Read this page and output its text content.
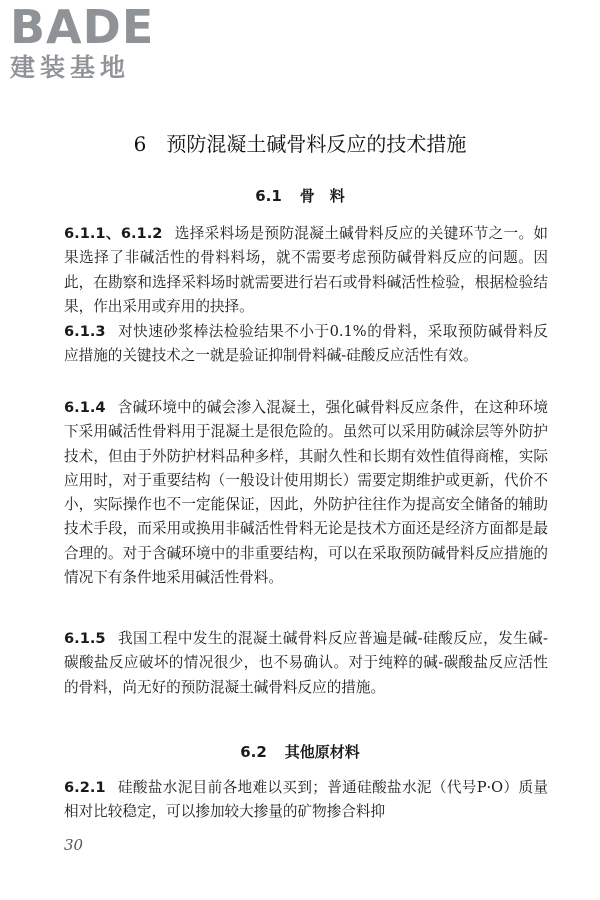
BADE
建装基地
6 预防混凝土碱骨料反应的技术措施
6.1 骨　料
6.1.1、6.1.2 选择采料场是预防混凝土碱骨料反应的关键环节之一。如果选择了非碱活性的骨料料场，就不需要考虑预防碱骨料反应的问题。因此，在勘察和选择采料场时就需要进行岩石或骨料碱活性检验，根据检验结果，作出采用或弃用的抉择。
6.1.3 对快速砂浆棒法检验结果不小于0.1%的骨料，采取预防碱骨料反应措施的关键技术之一就是验证抑制骨料碱-硅酸反应活性有效。
6.1.4 含碱环境中的碱会渗入混凝土，强化碱骨料反应条件，在这种环境下采用碱活性骨料用于混凝土是很危险的。虽然可以采用防碱涂层等外防护技术，但由于外防护材料品种多样，其耐久性和长期有效性值得商榷，实际应用时，对于重要结构（一般设计使用期长）需要定期维护或更新，代价不小，实际操作也不一定能保证，因此，外防护往往作为提高安全储备的辅助技术手段，而采用或换用非碱活性骨料无论是技术方面还是经济方面都是最合理的。对于含碱环境中的非重要结构，可以在采取预防碱骨料反应措施的情况下有条件地采用碱活性骨料。
6.1.5 我国工程中发生的混凝土碱骨料反应普遍是碱-硅酸反应，发生碱-碳酸盐反应破坏的情况很少，也不易确认。对于纯粹的碱-碳酸盐反应活性的骨料，尚无好的预防混凝土碱骨料反应的措施。
6.2 其他原材料
6.2.1 硅酸盐水泥目前各地难以买到；普通硅酸盐水泥（代号P·O）质量相对比较稳定，可以掺加较大掺量的矿物掺合料抑
30
